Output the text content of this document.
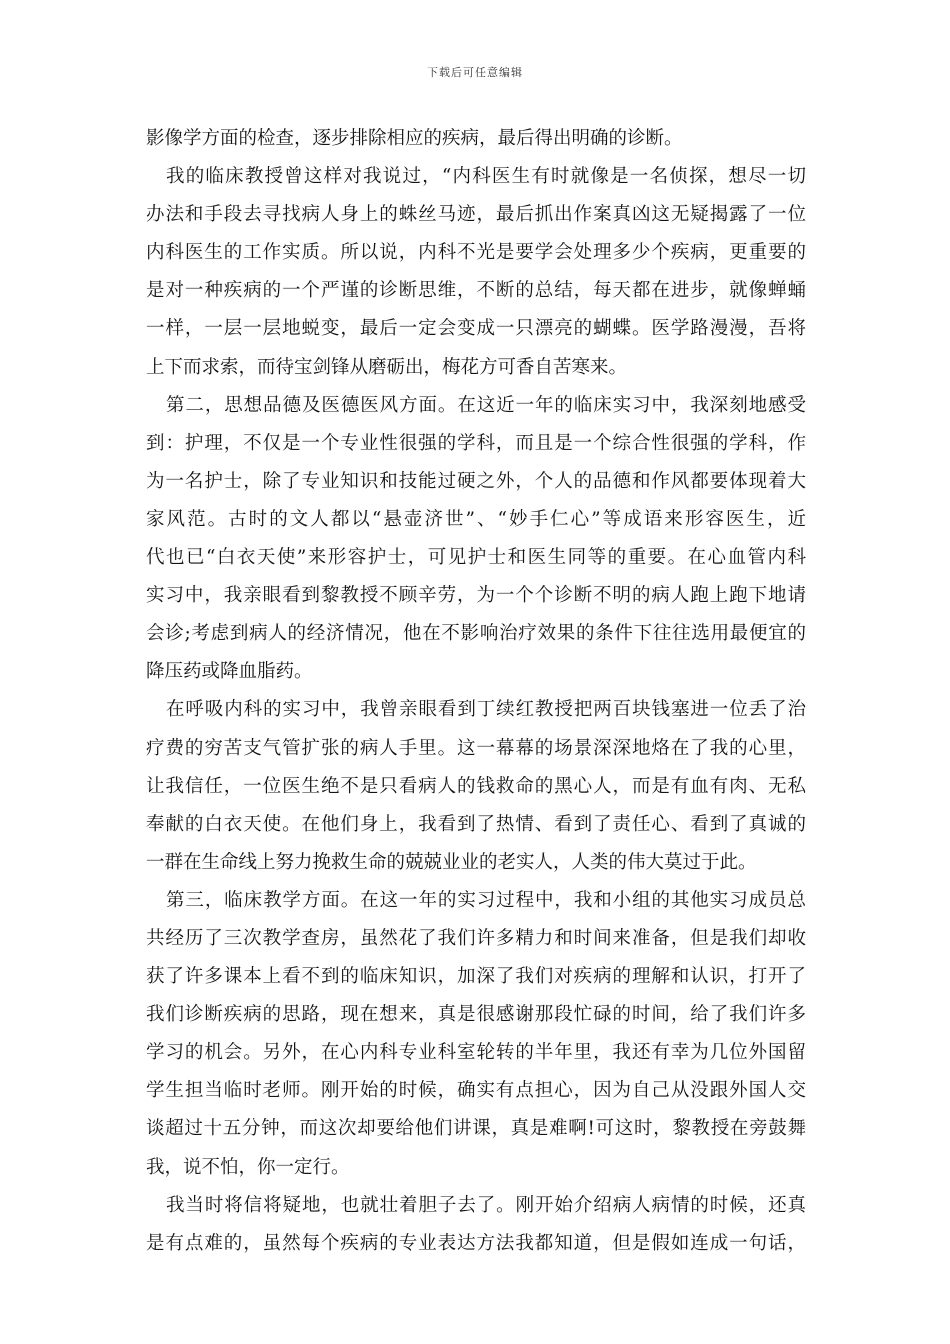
下载后可任意编辑
影像学方面的检查，逐步排除相应的疾病，最后得出明确的诊断。
我的临床教授曾这样对我说过，“内科医生有时就像是一名侦探，想尽一切
办法和手段去寻找病人身上的蛛丝马迹，最后抓出作案真凶这无疑揭露了一位
内科医生的工作实质。所以说，内科不光是要学会处理多少个疾病，更重要的
是对一种疾病的一个严谨的诊断思维，不断的总结，每天都在进步，就像蝉蛹
一样，一层一层地蜕变，最后一定会变成一只漂亮的蝴蝶。医学路漫漫，吾将
上下而求索，而待宝剑锋从磨砺出，梅花方可香自苦寒来。
第二，思想品德及医德医风方面。在这近一年的临床实习中，我深刻地感受
到：护理，不仅是一个专业性很强的学科，而且是一个综合性很强的学科，作
为一名护士，除了专业知识和技能过硬之外，个人的品德和作风都要体现着大
家风范。古时的文人都以“悬壶济世”、“妙手仁心”等成语来形容医生，近
代也已“白衣天使”来形容护士，可见护士和医生同等的重要。在心血管内科
实习中，我亲眼看到黎教授不顾辛劳，为一个个诊断不明的病人跑上跑下地请
会诊;考虑到病人的经济情况，他在不影响治疗效果的条件下往往选用最便宜的
降压药或降血脂药。
在呼吸内科的实习中，我曾亲眼看到丁续红教授把两百块钱塞进一位丢了治
疗费的穷苦支气管扩张的病人手里。这一幕幕的场景深深地烙在了我的心里，
让我信任，一位医生绝不是只看病人的钱救命的黑心人，而是有血有肉、无私
奉献的白衣天使。在他们身上，我看到了热情、看到了责任心、看到了真诚的
一群在生命线上努力挽救生命的兢兢业业的老实人，人类的伟大莫过于此。
第三，临床教学方面。在这一年的实习过程中，我和小组的其他实习成员总
共经历了三次教学查房，虽然花了我们许多精力和时间来准备，但是我们却收
获了许多课本上看不到的临床知识，加深了我们对疾病的理解和认识，打开了
我们诊断疾病的思路，现在想来，真是很感谢那段忙碌的时间，给了我们许多
学习的机会。另外，在心内科专业科室轮转的半年里，我还有幸为几位外国留
学生担当临时老师。刚开始的时候，确实有点担心，因为自己从没跟外国人交
谈超过十五分钟，而这次却要给他们讲课，真是难啊!可这时，黎教授在旁鼓舞
我，说不怕，你一定行。
我当时将信将疑地，也就壮着胆子去了。刚开始介绍病人病情的时候，还真
是有点难的，虽然每个疾病的专业表达方法我都知道，但是假如连成一句话，
